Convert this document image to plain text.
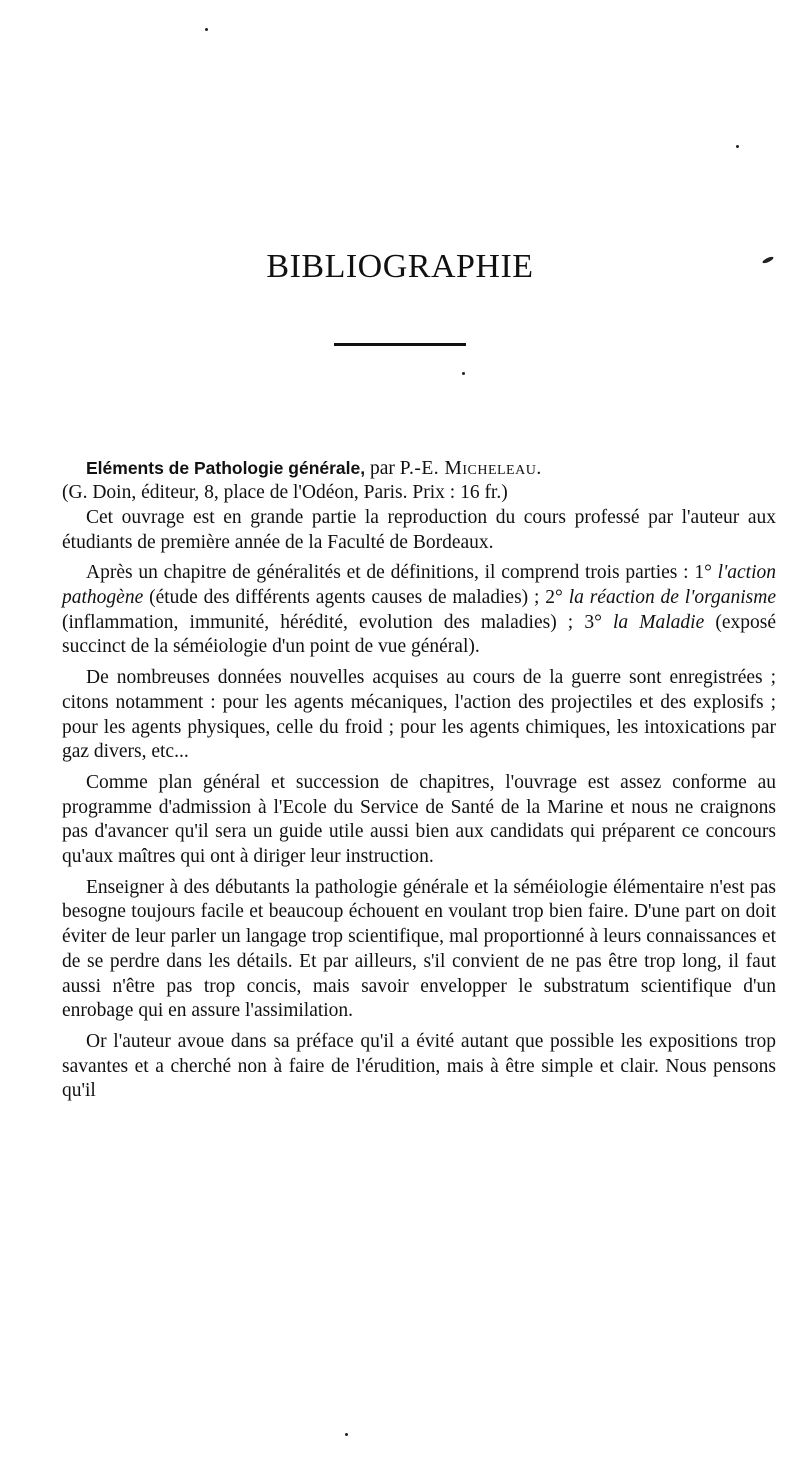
BIBLIOGRAPHIE

Eléments de Pathologie générale, par P.-E. Micheleau.

(G. Doin, éditeur, 8, place de l'Odéon, Paris. Prix : 16 fr.)

Cet ouvrage est en grande partie la reproduction du cours professé par l'auteur aux étudiants de première année de la Faculté de Bordeaux.

Après un chapitre de généralités et de définitions, il comprend trois parties : 1° l'action pathogène (étude des différents agents causes de maladies) ; 2° la réaction de l'organisme (inflammation, immunité, hérédité, evolution des maladies) ; 3° la Maladie (exposé succinct de la séméiologie d'un point de vue général).

De nombreuses données nouvelles acquises au cours de la guerre sont enregistrées ; citons notamment : pour les agents mécaniques, l'action des projectiles et des explosifs ; pour les agents physiques, celle du froid ; pour les agents chimiques, les intoxications par gaz divers, etc...

Comme plan général et succession de chapitres, l'ouvrage est assez conforme au programme d'admission à l'Ecole du Service de Santé de la Marine et nous ne craignons pas d'avancer qu'il sera un guide utile aussi bien aux candidats qui préparent ce concours qu'aux maîtres qui ont à diriger leur instruction.

Enseigner à des débutants la pathologie générale et la séméiologie élémentaire n'est pas besogne toujours facile et beaucoup échouent en voulant trop bien faire. D'une part on doit éviter de leur parler un langage trop scientifique, mal proportionné à leurs connaissances et de se perdre dans les détails. Et par ailleurs, s'il convient de ne pas être trop long, il faut aussi n'être pas trop concis, mais savoir envelopper le substratum scientifique d'un enrobage qui en assure l'assimilation.

Or l'auteur avoue dans sa préface qu'il a évité autant que possible les expositions trop savantes et a cherché non à faire de l'érudition, mais à être simple et clair. Nous pensons qu'il
